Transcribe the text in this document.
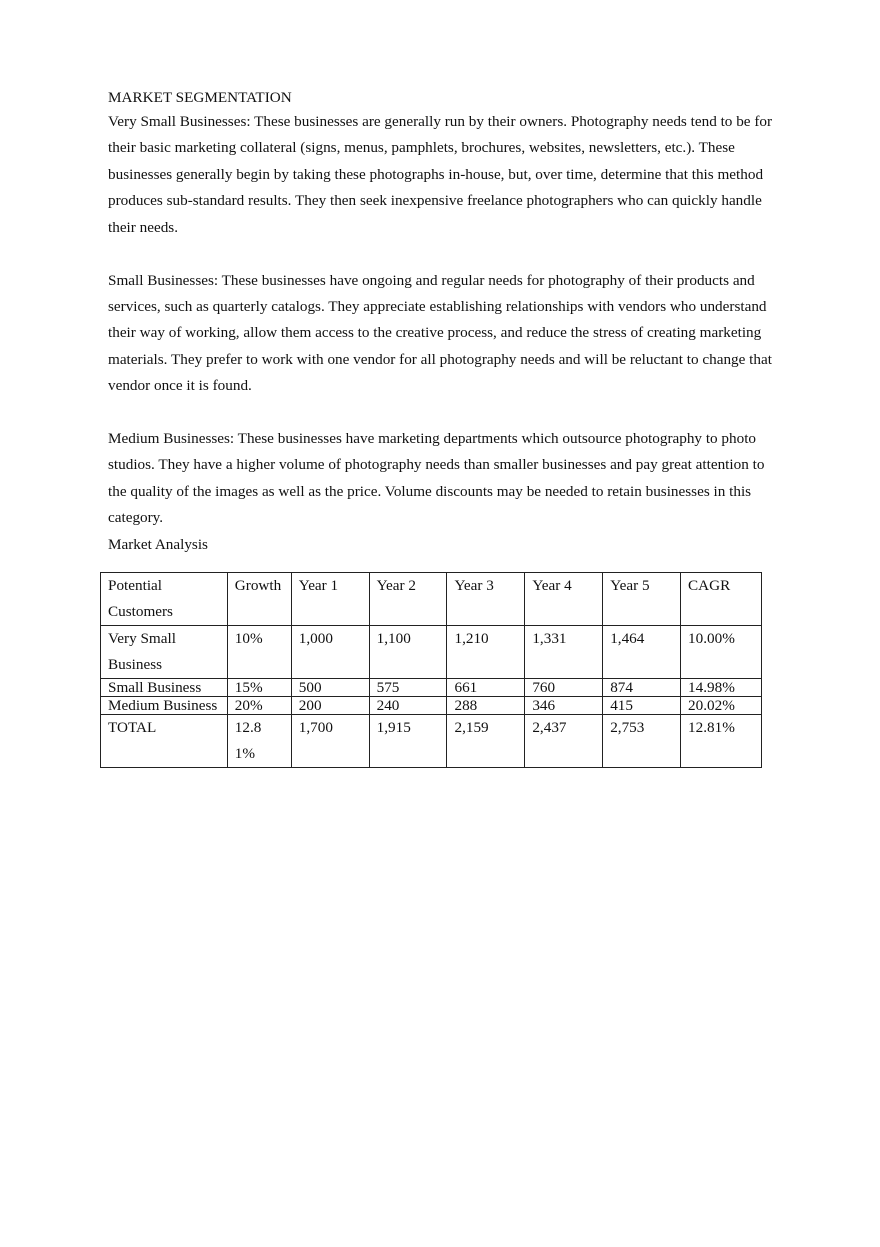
MARKET SEGMENTATION

Very Small Businesses: These businesses are generally run by their owners. Photography needs tend to be for their basic marketing collateral (signs, menus, pamphlets, brochures, websites, newsletters, etc.). These businesses generally begin by taking these photographs in-house, but, over time, determine that this method produces sub-standard results. They then seek inexpensive freelance photographers who can quickly handle their needs.

Small Businesses: These businesses have ongoing and regular needs for photography of their products and services, such as quarterly catalogs. They appreciate establishing relationships with vendors who understand their way of working, allow them access to the creative process, and reduce the stress of creating marketing materials. They prefer to work with one vendor for all photography needs and will be reluctant to change that vendor once it is found.

Medium Businesses: These businesses have marketing departments which outsource photography to photo studios. They have a higher volume of photography needs than smaller businesses and pay great attention to the quality of the images as well as the price. Volume discounts may be needed to retain businesses in this category.

Market Analysis

Potential Customers	Growth	Year 1	Year 2	Year 3	Year 4	Year 5	CAGR
Very Small Business	10%	1,000	1,100	1,210	1,331	1,464	10.00%
Small Business	15%	500	575	661	760	874	14.98%
Medium Business	20%	200	240	288	346	415	20.02%
TOTAL	12.81%	1,700	1,915	2,159	2,437	2,753	12.81%
